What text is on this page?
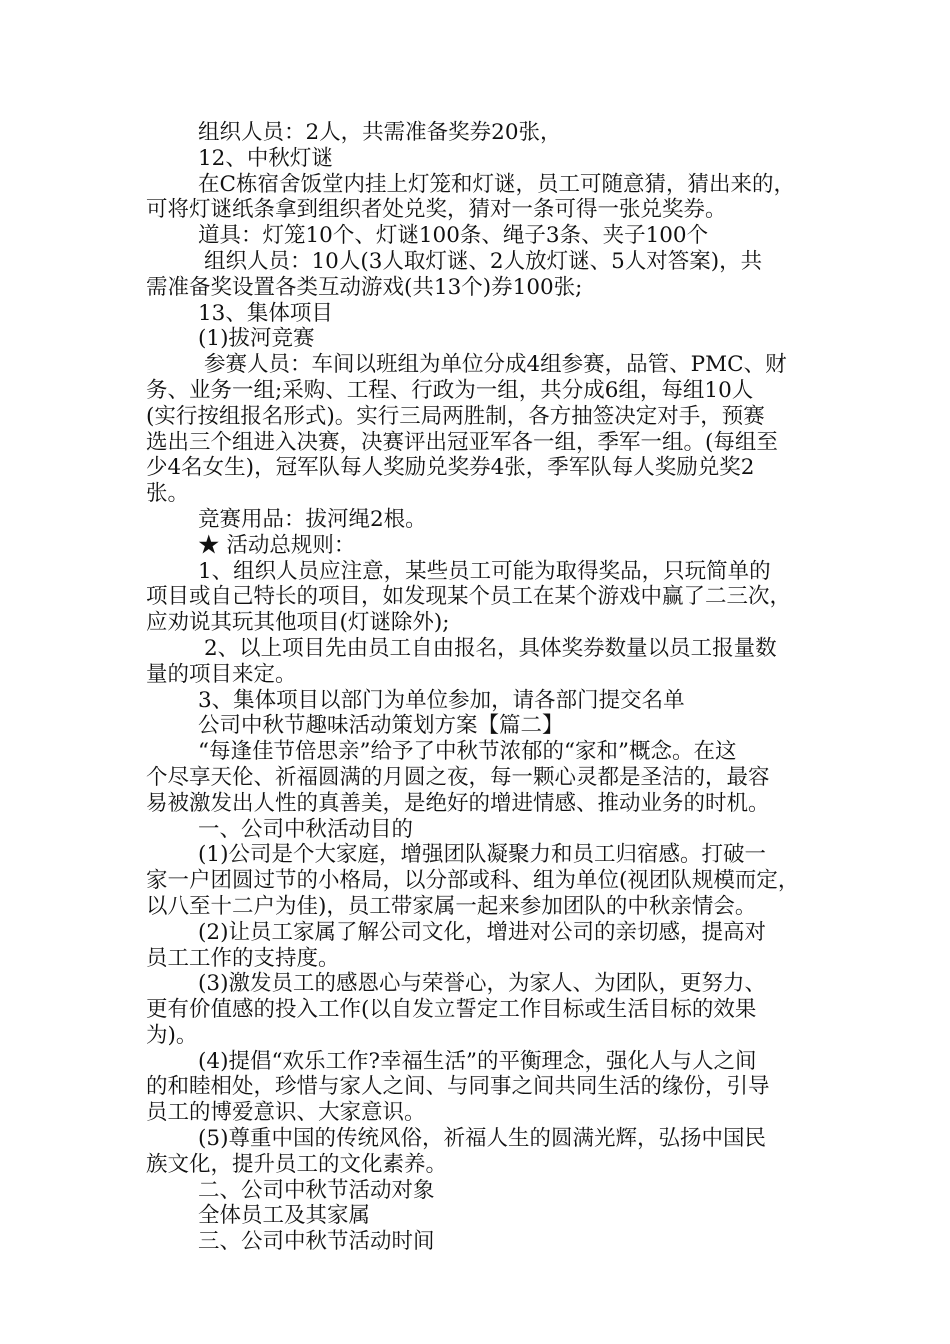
组织人员：2人，共需准备奖券20张，
12、中秋灯谜
在C栋宿舍饭堂内挂上灯笼和灯谜，员工可随意猜，猜出来的，
可将灯谜纸条拿到组织者处兑奖，猜对一条可得一张兑奖券。
道具：灯笼10个、灯谜100条、绳子3条、夹子100个
组织人员：10人(3人取灯谜、2人放灯谜、5人对答案)，共
需准备奖设置各类互动游戏(共13个)券100张;
13、集体项目
(1)拔河竞赛
参赛人员：车间以班组为单位分成4组参赛，品管、PMC、财
务、业务一组;采购、工程、行政为一组，共分成6组，每组10人
(实行按组报名形式)。实行三局两胜制，各方抽签决定对手，预赛
选出三个组进入决赛，决赛评出冠亚军各一组，季军一组。(每组至
少4名女生)，冠军队每人奖励兑奖券4张，季军队每人奖励兑奖2
张。
竞赛用品：拔河绳2根。
★ 活动总规则：
1、组织人员应注意，某些员工可能为取得奖品，只玩简单的
项目或自己特长的项目，如发现某个员工在某个游戏中赢了二三次，
应劝说其玩其他项目(灯谜除外);
2、以上项目先由员工自由报名，具体奖券数量以员工报量数
量的项目来定。
3、集体项目以部门为单位参加，请各部门提交名单
公司中秋节趣味活动策划方案【篇二】
“每逢佳节倍思亲”给予了中秋节浓郁的“家和”概念。在这
个尽享天伦、祈福圆满的月圆之夜，每一颗心灵都是圣洁的，最容
易被激发出人性的真善美，是绝好的增进情感、推动业务的时机。
一、公司中秋活动目的
(1)公司是个大家庭，增强团队凝聚力和员工归宿感。打破一
家一户团圆过节的小格局，以分部或科、组为单位(视团队规模而定，
以八至十二户为佳)，员工带家属一起来参加团队的中秋亲情会。
(2)让员工家属了解公司文化，增进对公司的亲切感，提高对
员工工作的支持度。
(3)激发员工的感恩心与荣誉心，为家人、为团队，更努力、
更有价值感的投入工作(以自发立誓定工作目标或生活目标的效果
为)。
(4)提倡“欢乐工作?幸福生活”的平衡理念，强化人与人之间
的和睦相处，珍惜与家人之间、与同事之间共同生活的缘份，引导
员工的博爱意识、大家意识。
(5)尊重中国的传统风俗，祈福人生的圆满光辉，弘扬中国民
族文化，提升员工的文化素养。
二、公司中秋节活动对象
全体员工及其家属
三、公司中秋节活动时间
